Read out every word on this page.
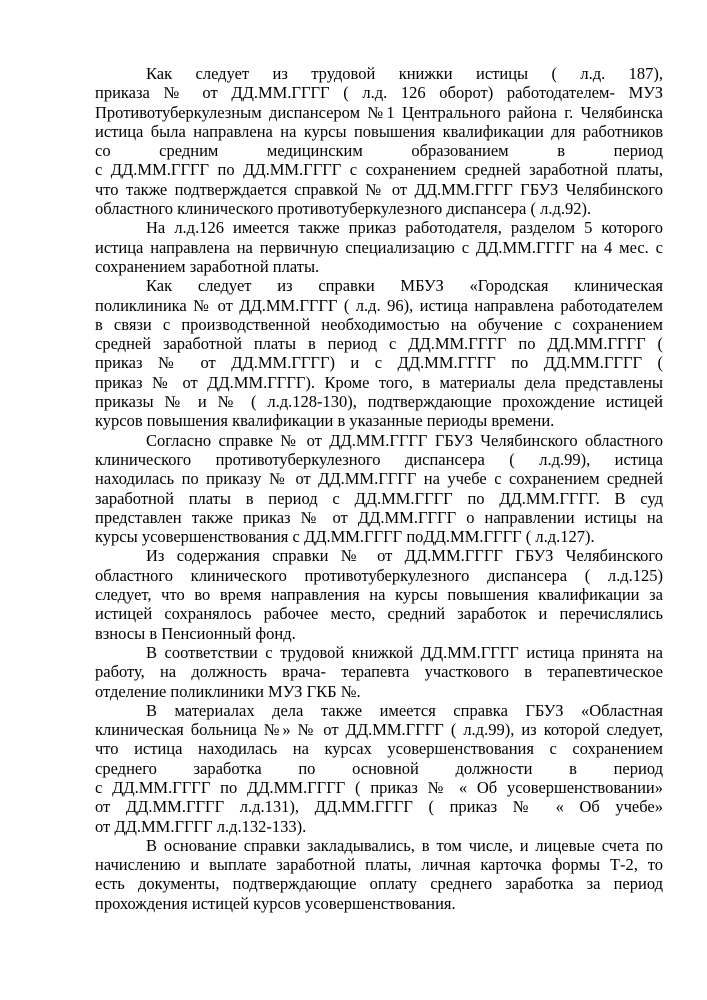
Как следует из трудовой книжки истицы ( л.д. 187),
приказа № от ДД.ММ.ГГГГ ( л.д. 126 оборот) работодателем- МУЗ
Противотуберкулезным диспансером №1 Центрального района г. Челябинска
истица была направлена на курсы повышения квалификации для работников
со средним медицинским образованием в период
с ДД.ММ.ГГГГ по ДД.ММ.ГГГГ с сохранением средней заработной платы,
что также подтверждается справкой № от ДД.ММ.ГГГГ ГБУЗ Челябинского
областного клинического противотуберкулезного диспансера ( л.д.92).
На л.д.126 имеется также приказ работодателя, разделом 5 которого
истица направлена на первичную специализацию с ДД.ММ.ГГГГ на 4 мес. с
сохранением заработной платы.
Как следует из справки МБУЗ «Городская клиническая
поликлиника № от ДД.ММ.ГГГГ ( л.д. 96), истица направлена работодателем
в связи с производственной необходимостью на обучение с сохранением
средней заработной платы в период с ДД.ММ.ГГГГ по ДД.ММ.ГГГГ (
приказ № от ДД.ММ.ГГГГ) и с ДД.ММ.ГГГГ по ДД.ММ.ГГГГ (
приказ № от ДД.ММ.ГГГГ). Кроме того, в материалы дела представлены
приказы № и № ( л.д.128-130), подтверждающие прохождение истицей
курсов повышения квалификации в указанные периоды времени.
Согласно справке № от ДД.ММ.ГГГГ ГБУЗ Челябинского областного
клинического противотуберкулезного диспансера ( л.д.99), истица
находилась по приказу № от ДД.ММ.ГГГГ на учебе с сохранением средней
заработной платы в период с ДД.ММ.ГГГГ по ДД.ММ.ГГГГ. В суд
представлен также приказ № от ДД.ММ.ГГГГ о направлении истицы на
курсы усовершенствования с ДД.ММ.ГГГГ поДД.ММ.ГГГГ ( л.д.127).
Из содержания справки № от ДД.ММ.ГГГГ ГБУЗ Челябинского
областного клинического противотуберкулезного диспансера ( л.д.125)
следует, что во время направления на курсы повышения квалификации за
истицей сохранялось рабочее место, средний заработок и перечислялись
взносы в Пенсионный фонд.
В соответствии с трудовой книжкой ДД.ММ.ГГГГ истица принята на
работу, на должность врача- терапевта участкового в терапевтическое
отделение поликлиники МУЗ ГКБ №.
В материалах дела также имеется справка ГБУЗ «Областная
клиническая больница №» № от ДД.ММ.ГГГГ ( л.д.99), из которой следует,
что истица находилась на курсах усовершенствования с сохранением
среднего заработка по основной должности в период
с ДД.ММ.ГГГГ по ДД.ММ.ГГГГ ( приказ № « Об усовершенствовании»
от ДД.ММ.ГГГГ л.д.131), ДД.ММ.ГГГГ ( приказ № « Об учебе»
от ДД.ММ.ГГГГ л.д.132-133).
В основание справки закладывались, в том числе, и лицевые счета по
начислению и выплате заработной платы, личная карточка формы Т-2, то
есть документы, подтверждающие оплату среднего заработка за период
прохождения истицей курсов усовершенствования.
